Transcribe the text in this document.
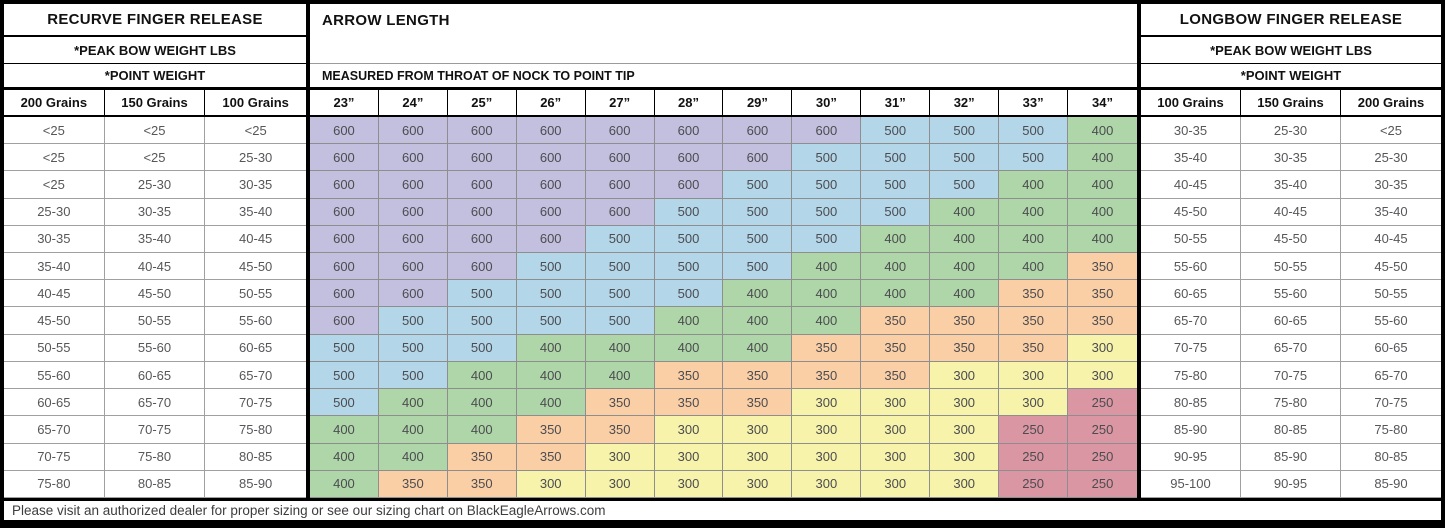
RECURVE FINGER RELEASE
*PEAK BOW WEIGHT LBS
*POINT WEIGHT
200 Grains	150 Grains	100 Grains
<25	<25	<25
<25	<25	25-30
<25	25-30	30-35
25-30	30-35	35-40
30-35	35-40	40-45
35-40	40-45	45-50
40-45	45-50	50-55
45-50	50-55	55-60
50-55	55-60	60-65
55-60	60-65	65-70
60-65	65-70	70-75
65-70	70-75	75-80
70-75	75-80	80-85
75-80	80-85	85-90
ARROW LENGTH
MEASURED FROM THROAT OF NOCK TO POINT TIP
23”	24”	25”	26”	27”	28”	29”	30”	31”	32”	33”	34”
600	600	600	600	600	600	600	600	500	500	500	400
600	600	600	600	600	600	600	500	500	500	500	400
600	600	600	600	600	600	500	500	500	500	400	400
600	600	600	600	600	500	500	500	500	400	400	400
600	600	600	600	500	500	500	500	400	400	400	400
600	600	600	500	500	500	500	400	400	400	400	350
600	600	500	500	500	500	400	400	400	400	350	350
600	500	500	500	500	400	400	400	350	350	350	350
500	500	500	400	400	400	400	350	350	350	350	300
500	500	400	400	400	350	350	350	350	300	300	300
500	400	400	400	350	350	350	300	300	300	300	250
400	400	400	350	350	300	300	300	300	300	250	250
400	400	350	350	300	300	300	300	300	300	250	250
400	350	350	300	300	300	300	300	300	300	250	250
LONGBOW FINGER RELEASE
*PEAK BOW WEIGHT LBS
*POINT WEIGHT
100 Grains	150 Grains	200 Grains
30-35	25-30	<25
35-40	30-35	25-30
40-45	35-40	30-35
45-50	40-45	35-40
50-55	45-50	40-45
55-60	50-55	45-50
60-65	55-60	50-55
65-70	60-65	55-60
70-75	65-70	60-65
75-80	70-75	65-70
80-85	75-80	70-75
85-90	80-85	75-80
90-95	85-90	80-85
95-100	90-95	85-90
Please visit an authorized dealer for proper sizing or see our sizing chart on BlackEagleArrows.com
